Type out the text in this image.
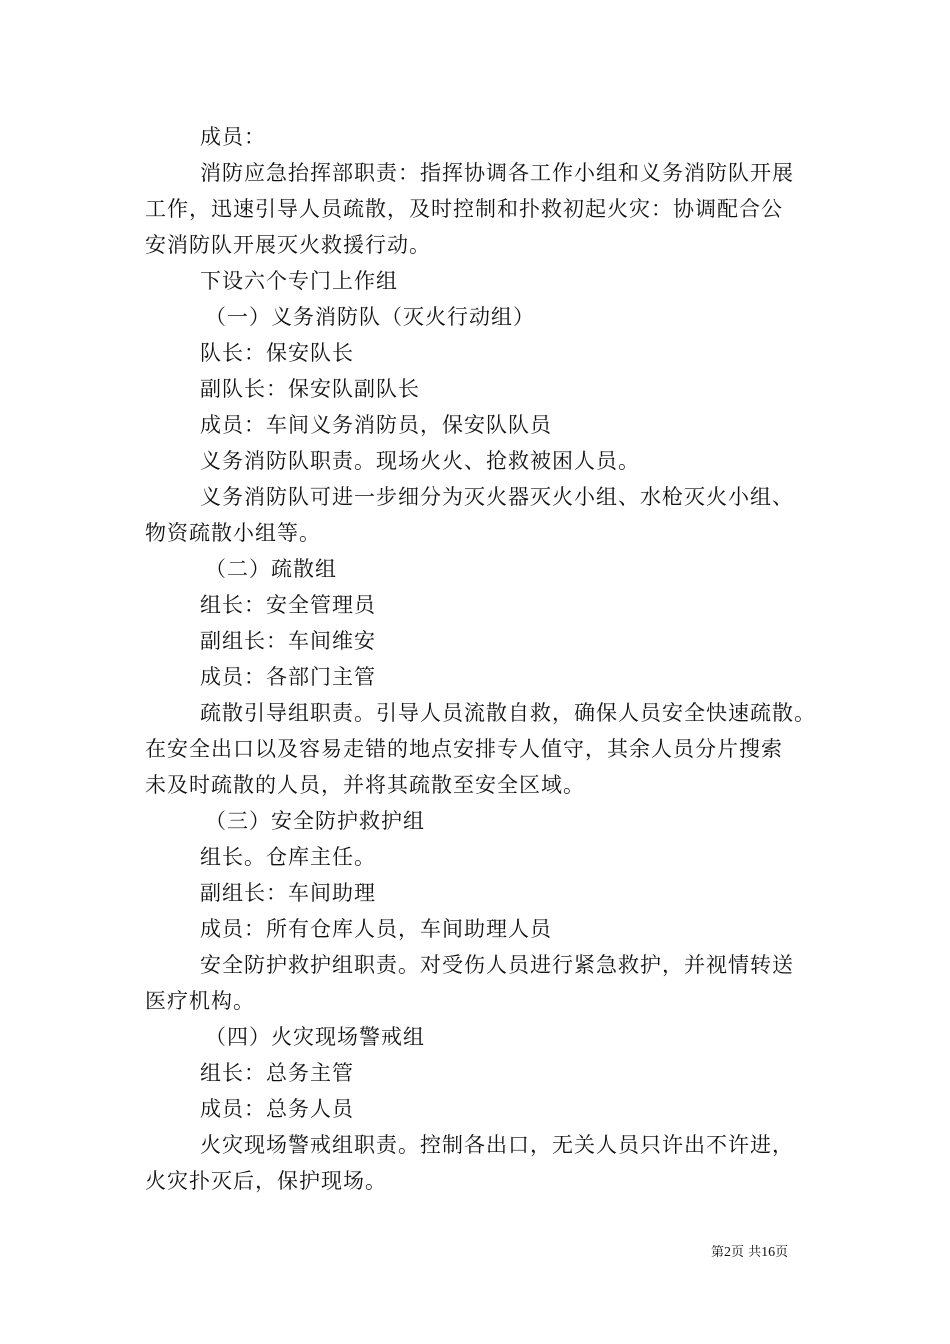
成员：
消防应急抬挥部职责：指挥协调各工作小组和义务消防队开展
工作，迅速引导人员疏散，及时控制和扑救初起火灾：协调配合公
安消防队开展灭火救援行动。
下设六个专门上作组
（一）义务消防队（灭火行动组）
队长：保安队长
副队长：保安队副队长
成员：车间义务消防员，保安队队员
义务消防队职责。现场火火、抢救被困人员。
义务消防队可进一步细分为灭火器灭火小组、水枪灭火小组、
物资疏散小组等。
（二）疏散组
组长：安全管理员
副组长：车间维安
成员：各部门主管
疏散引导组职责。引导人员流散自救，确保人员安全快速疏散。
在安全出口以及容易走错的地点安排专人值守，其余人员分片搜索
未及时疏散的人员，并将其疏散至安全区域。
（三）安全防护救护组
组长。仓库主任。
副组长：车间助理
成员：所有仓库人员，车间助理人员
安全防护救护组职责。对受伤人员进行紧急救护，并视情转送
医疗机构。
（四）火灾现场警戒组
组长：总务主管
成员：总务人员
火灾现场警戒组职责。控制各出口，无关人员只许出不许进，
火灾扑灭后，保护现场。
第2页 共16页
